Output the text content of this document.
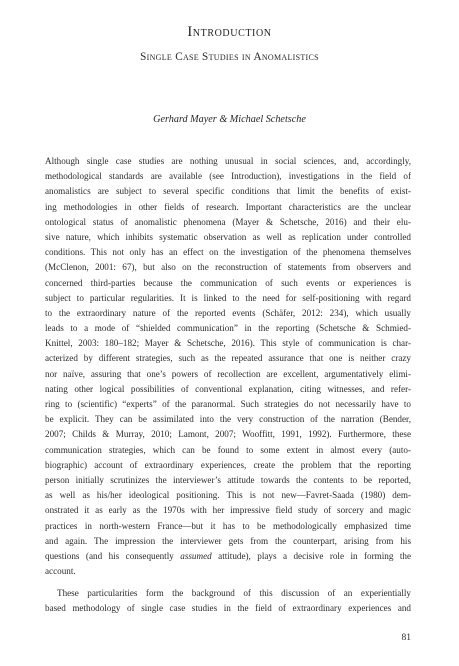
Introduction
Single Case Studies in Anomalistics
Gerhard Mayer & Michael Schetsche
Although single case studies are nothing unusual in social sciences, and, accordingly,
methodological standards are available (see Introduction), investigations in the field of
anomalistics are subject to several specific conditions that limit the benefits of exist-
ing methodologies in other fields of research. Important characteristics are the unclear
ontological status of anomalistic phenomena (Mayer & Schetsche, 2016) and their elu-
sive nature, which inhibits systematic observation as well as replication under controlled
conditions. This not only has an effect on the investigation of the phenomena themselves
(McClenon, 2001: 67), but also on the reconstruction of statements from observers and
concerned third-parties because the communication of such events or experiences is
subject to particular regularities. It is linked to the need for self-positioning with regard
to the extraordinary nature of the reported events (Schäfer, 2012: 234), which usually
leads to a mode of “shielded communication” in the reporting (Schetsche & Schmied-
Knittel, 2003: 180–182; Mayer & Schetsche, 2016). This style of communication is char-
acterized by different strategies, such as the repeated assurance that one is neither crazy
nor naïve, assuring that one’s powers of recollection are excellent, argumentatively elimi-
nating other logical possibilities of conventional explanation, citing witnesses, and refer-
ring to (scientific) “experts” of the paranormal. Such strategies do not necessarily have to
be explicit. They can be assimilated into the very construction of the narration (Bender,
2007; Childs & Murray, 2010; Lamont, 2007; Wooffitt, 1991, 1992). Furthermore, these
communication strategies, which can be found to some extent in almost every (auto-
biographic) account of extraordinary experiences, create the problem that the reporting
person initially scrutinizes the interviewer’s attitude towards the contents to be reported,
as well as his/her ideological positioning. This is not new—Favret-Saada (1980) dem-
onstrated it as early as the 1970s with her impressive field study of sorcery and magic
practices in north-western France—but it has to be methodologically emphasized time
and again. The impression the interviewer gets from the counterpart, arising from his
questions (and his consequently assumed attitude), plays a decisive role in forming the
account.
These particularities form the background of this discussion of an experientially
based methodology of single case studies in the field of extraordinary experiences and
81
